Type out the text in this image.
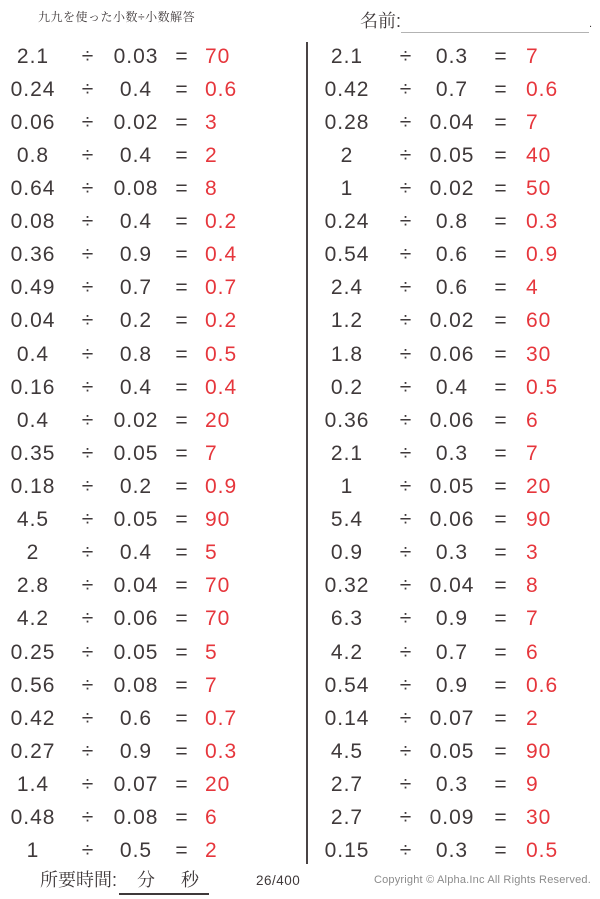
九九を使った小数÷小数解答	名前:	.
2.1	÷ 0.03 = 70
0.24	÷	0.4	= 0.6
0.06	÷ 0.02 = 3
0.8	÷	0.4	= 2
0.64	÷ 0.08 = 8
0.08	÷	0.4	= 0.2
0.36	÷	0.9	= 0.4
0.49	÷	0.7	= 0.7
0.04	÷	0.2	= 0.2
0.4	÷	0.8	= 0.5
0.16	÷	0.4	= 0.4
0.4	÷ 0.02 = 20
0.35	÷ 0.05 = 7
0.18	÷	0.2	= 0.9
4.5	÷ 0.05 = 90
2	÷	0.4	= 5
2.8	÷ 0.04 = 70
4.2	÷ 0.06 = 70
0.25	÷ 0.05 = 5
0.56	÷ 0.08 = 7
0.42	÷	0.6	= 0.7
0.27	÷	0.9	= 0.3
1.4	÷ 0.07 = 20
0.48	÷ 0.08 = 6
1	÷	0.5	= 2
2.1	÷	0.3	= 7
0.42	÷	0.7	= 0.6
0.28	÷ 0.04 = 7
2	÷ 0.05 = 40
1	÷ 0.02 = 50
0.24	÷	0.8	= 0.3
0.54	÷	0.6	= 0.9
2.4	÷	0.6	= 4
1.2	÷ 0.02 = 60
1.8	÷ 0.06 = 30
0.2	÷	0.4	= 0.5
0.36	÷ 0.06 = 6
2.1	÷	0.3	= 7
1	÷ 0.05 = 20
5.4	÷ 0.06 = 90
0.9	÷	0.3	= 3
0.32	÷ 0.04 = 8
6.3	÷	0.9	= 7
4.2	÷	0.7	= 6
0.54	÷	0.9	= 0.6
0.14	÷ 0.07 = 2
4.5	÷ 0.05 = 90
2.7	÷	0.3	= 9
2.7	÷ 0.09 = 30
0.15	÷	0.3	= 0.5
所要時間: 分 秒	26/400	Copyright © Alpha.Inc All Rights Reserved.
